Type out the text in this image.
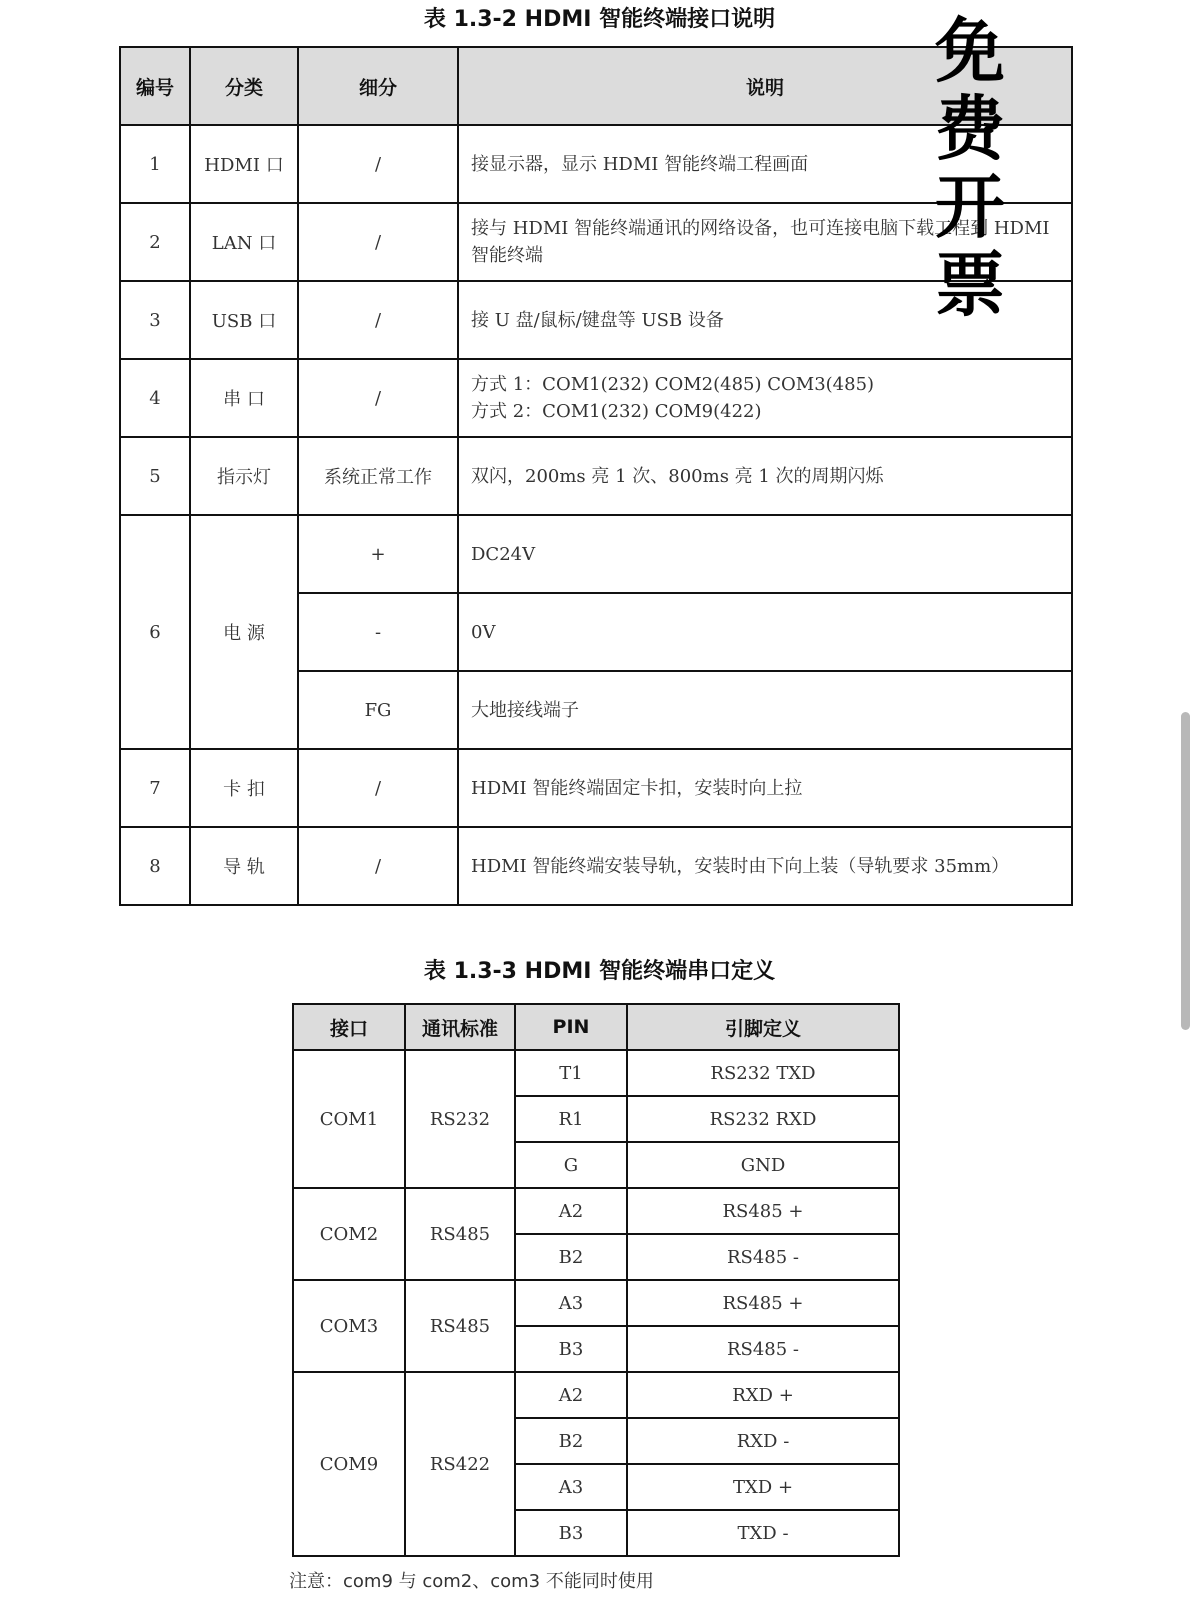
表 1.3-2 HDMI 智能终端接口说明
编号	分类	细分	说明
1	HDMI 口	/	接显示器，显示 HDMI 智能终端工程画面
2	LAN 口	/	接与 HDMI 智能终端通讯的网络设备，也可连接电脑下载工程到 HDMI 智能终端
3	USB 口	/	接 U 盘/鼠标/键盘等 USB 设备
4	串 口	/	方式 1：COM1(232) COM2(485) COM3(485)
方式 2：COM1(232) COM9(422)

5	指示灯	系统正常工作	双闪，200ms 亮 1 次、800ms 亮 1 次的周期闪烁
6	电 源	+	DC24V
		-	0V
		FG	大地接线端子
7	卡 扣	/	HDMI 智能终端固定卡扣，安装时向上拉
8	导 轨	/	HDMI 智能终端安装导轨，安装时由下向上装（导轨要求 35mm）
表 1.3-3 HDMI 智能终端串口定义
接口	通讯标准	PIN	引脚定义
COM1	RS232	T1	RS232 TXD
		R1	RS232 RXD
		G	GND
COM2	RS485	A2	RS485 +
		B2	RS485 -
COM3	RS485	A3	RS485 +
		B3	RS485 -
COM9	RS422	A2	RXD +
		B2	RXD -
		A3	TXD +
		B3	TXD -
注意：com9 与 com2、com3 不能同时使用
免费
开票
